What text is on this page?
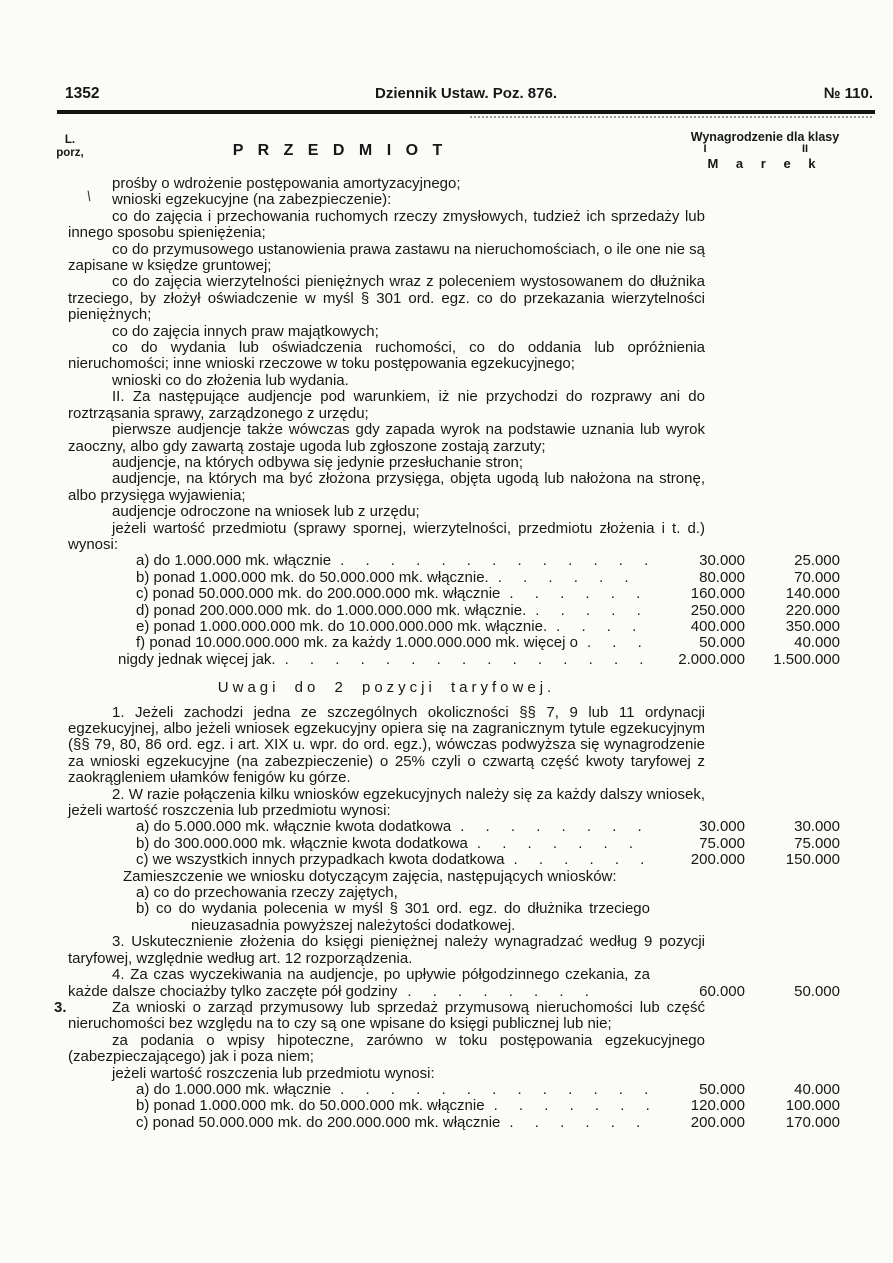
1352	Dziennik Ustaw. Poz. 876.	№ 110.
L.
porz,	P R Z E D M I O T
Wynagrodzenie dla klasy
I	II
M a r e k
\
prośby o wdrożenie postępowania amortyzacyjnego;
wnioski egzekucyjne (na zabezpieczenie):
co do zajęcia i przechowania ruchomych rzeczy zmysłowych, tudzież ich sprzedaży lub innego sposobu spieniężenia;
co do przymusowego ustanowienia prawa zastawu na nieruchomościach, o ile one nie są zapisane w księdze gruntowej;
co do zajęcia wierzytelności pieniężnych wraz z poleceniem wystosowanem do dłużnika trzeciego, by złożył oświadczenie w myśl § 301 ord. egz. co do przekazania wierzytelności pieniężnych;
co do zajęcia innych praw majątkowych;
co do wydania lub oświadczenia ruchomości, co do oddania lub opróżnienia nieruchomości; inne wnioski rzeczowe w toku postępowania egzekucyjnego;
wnioski co do złożenia lub wydania.
II. Za następujące audjencje pod warunkiem, iż nie przychodzi do rozprawy ani do roztrząsania sprawy, zarządzonego z urzędu;
pierwsze audjencje także wówczas gdy zapada wyrok na podstawie uznania lub wyrok zaoczny, albo gdy zawartą zostaje ugoda lub zgłoszone zostają zarzuty;
audjencje, na których odbywa się jedynie przesłuchanie stron;
audjencje, na których ma być złożona przysięga, objęta ugodą lub nałożona na stronę, albo przysięga wyjawienia;
audjencje odroczone na wniosek lub z urzędu;
jeżeli wartość przedmiotu (sprawy spornej, wierzytelności, przedmiotu złożenia i t. d.) wynosi:
a) do 1.000.000 mk. włącznie . . .	30.000	25.000
b) ponad 1.000.000 mk. do 50.000.000 mk. włącznie. . . .	80.000	70.000
c) ponad 50.000.000 mk. do 200.000.000 mk. włącznie . . .	160.000	140.000
d) ponad 200.000.000 mk. do 1.000.000.000 mk. włącznie. . . .	250.000	220.000
e) ponad 1.000.000.000 mk. do 10.000.000.000 mk. włącznie. . . .	400.000	350.000
f) ponad 10.000.000.000 mk. za każdy 1.000.000.000 mk. więcej o . . .	50.000	40.000
nigdy jednak więcej jak. . . .	2.000.000	1.500.000
Uwagi do 2 pozycji taryfowej.
1. Jeżeli zachodzi jedna ze szczególnych okoliczności §§ 7, 9 lub 11 ordynacji egzekucyjnej, albo jeżeli wniosek egzekucyjny opiera się na zagranicznym tytule egzekucyjnym (§§ 79, 80, 86 ord. egz. i art. XIX u. wpr. do ord. egz.), wówczas podwyższa się wynagrodzenie za wnioski egzekucyjne (na zabezpieczenie) o 25% czyli o czwartą część kwoty taryfowej z zaokrągleniem ułamków fenigów ku górze.
2. W razie połączenia kilku wniosków egzekucyjnych należy się za każdy dalszy wniosek, jeżeli wartość roszczenia lub przedmiotu wynosi:
a) do 5.000.000 mk. włącznie kwota dodatkowa . . .	30.000	30.000
b) do 300.000.000 mk. włącznie kwota dodatkowa . . .	75.000	75.000
c) we wszystkich innych przypadkach kwota dodatkowa . . .	200.000	150.000
Zamieszczenie we wniosku dotyczącym zajęcia, następujących wniosków:
a) co do przechowania rzeczy zajętych,
b) co do wydania polecenia w myśl § 301 ord. egz. do dłużnika trzeciego nieuzasadnia powyższej należytości dodatkowej.
3. Uskutecznienie złożenia do księgi pieniężnej należy wynagradzać według 9 pozycji taryfowej, względnie według art. 12 rozporządzenia.
4. Za czas wyczekiwania na audjencje, po upływie półgodzinnego czekania, za każde dalsze chociażby tylko zaczęte pół godziny . . .	60.000	50.000
3.	Za wnioski o zarząd przymusowy lub sprzedaż przymusową nieruchomości lub część nieruchomości bez względu na to czy są one wpisane do księgi publicznej lub nie;
za podania o wpisy hipoteczne, zarówno w toku postępowania egzekucyjnego (zabezpieczającego) jak i poza niem;
jeżeli wartość roszczenia lub przedmiotu wynosi:
a) do 1.000.000 mk. włącznie . . .	50.000	40.000
b) ponad 1.000.000 mk. do 50.000.000 mk. włącznie . . .	120.000	100.000
c) ponad 50.000.000 mk. do 200.000.000 mk. włącznie . . .	200.000	170.000
